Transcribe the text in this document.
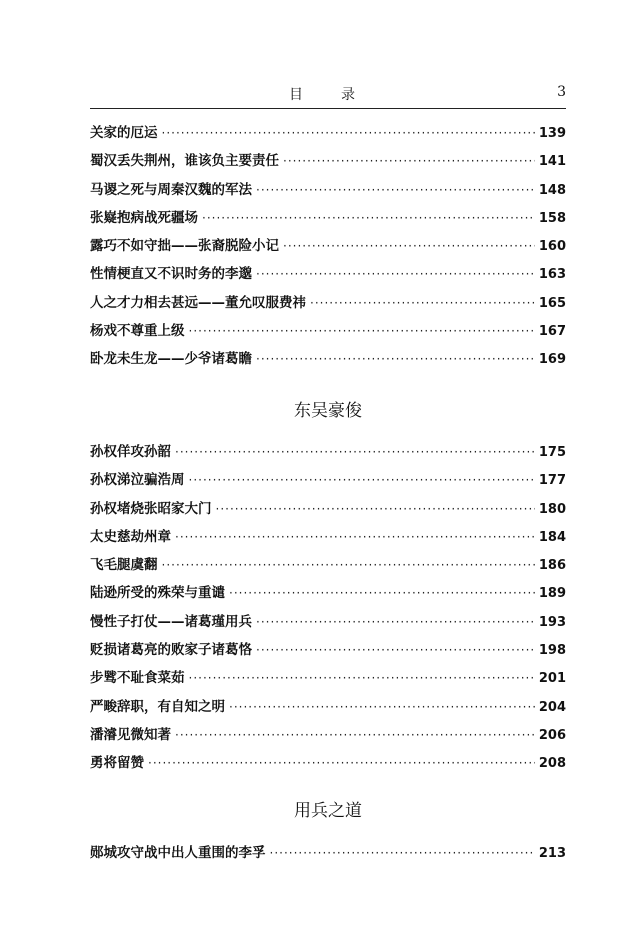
目　录	3
关家的厄运 ·····	139
蜀汉丢失荆州，谁该负主要责任 ·····	141
马谡之死与周秦汉魏的军法 ·····	148
张嶷抱病战死疆场 ·····	158
露巧不如守拙——张裔脱险小记 ·····	160
性情梗直又不识时务的李邈 ·····	163
人之才力相去甚远——董允叹服费祎 ·····	165
杨戏不尊重上级 ·····	167
卧龙未生龙——少爷诸葛瞻 ·····	169
东吴豪俊
孙权佯攻孙韶 ·····	175
孙权涕泣骗浩周 ·····	177
孙权堵烧张昭家大门 ·····	180
太史慈劫州章 ·····	184
飞毛腿虞翻 ·····	186
陆逊所受的殊荣与重谴 ·····	189
慢性子打仗——诸葛瑾用兵 ·····	193
贬损诸葛亮的败家子诸葛恪 ·····	198
步骘不耻食菜茹 ·····	201
严畯辞职，有自知之明 ·····	204
潘濬见微知著 ·····	206
勇将留赞 ·····	208
用兵之道
郧城攻守战中出人重围的李孚 ·····	213
